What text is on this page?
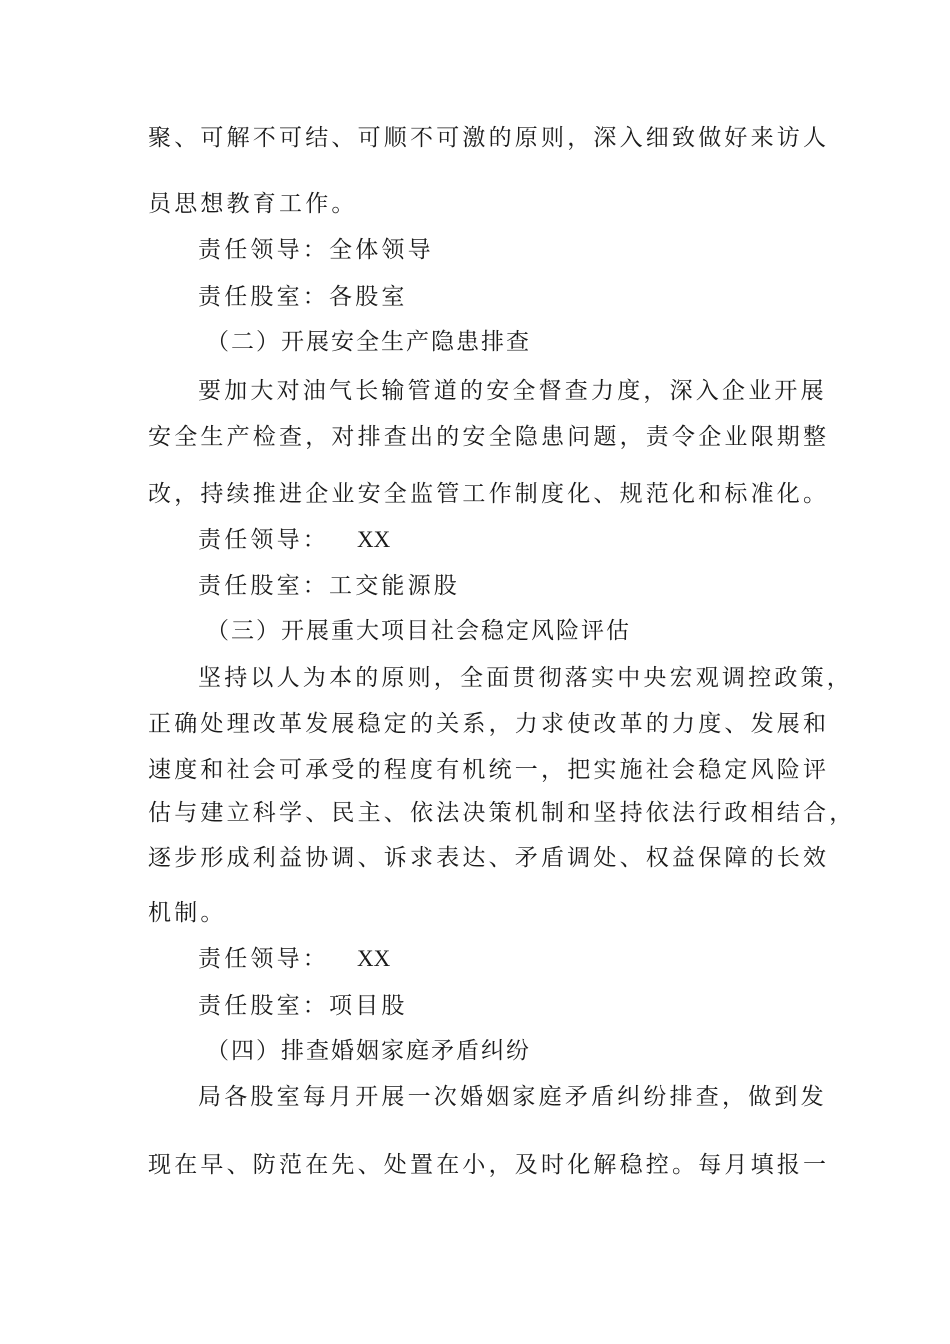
聚、可解不可结、可顺不可激的原则，深入细致做好来访人

员思想教育工作。

责任领导：全体领导

责任股室：各股室

（二）开展安全生产隐患排查

要加大对油气长输管道的安全督查力度，深入企业开展

安全生产检查，对排查出的安全隐患问题，责令企业限期整

改，持续推进企业安全监管工作制度化、规范化和标准化。

责任领导： XX

责任股室：工交能源股

（三）开展重大项目社会稳定风险评估

坚持以人为本的原则，全面贯彻落实中央宏观调控政策，

正确处理改革发展稳定的关系，力求使改革的力度、发展和

速度和社会可承受的程度有机统一，把实施社会稳定风险评

估与建立科学、民主、依法决策机制和坚持依法行政相结合，

逐步形成利益协调、诉求表达、矛盾调处、权益保障的长效

机制。

责任领导： XX

责任股室：项目股

（四）排查婚姻家庭矛盾纠纷

局各股室每月开展一次婚姻家庭矛盾纠纷排查，做到发

现在早、防范在先、处置在小，及时化解稳控。每月填报一
